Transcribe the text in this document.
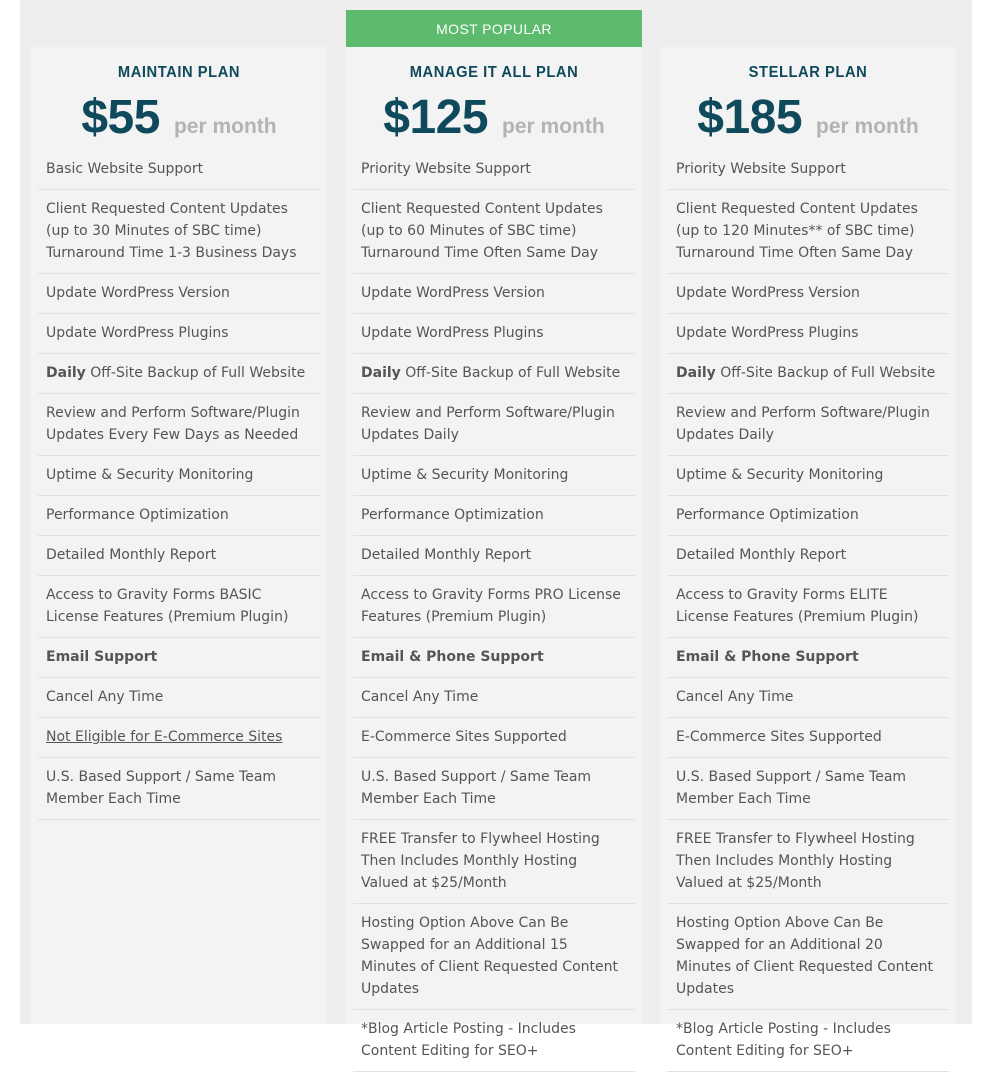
MOST POPULAR
MAINTAIN PLAN
$55 per month
Basic Website Support
Client Requested Content Updates (up to 30 Minutes of SBC time) Turnaround Time 1-3 Business Days
Update WordPress Version
Update WordPress Plugins
Daily Off-Site Backup of Full Website
Review and Perform Software/Plugin Updates Every Few Days as Needed
Uptime & Security Monitoring
Performance Optimization
Detailed Monthly Report
Access to Gravity Forms BASIC License Features (Premium Plugin)
Email Support
Cancel Any Time
Not Eligible for E-Commerce Sites
U.S. Based Support / Same Team Member Each Time
MANAGE IT ALL PLAN
$125 per month
Priority Website Support
Client Requested Content Updates (up to 60 Minutes of SBC time) Turnaround Time Often Same Day
Update WordPress Version
Update WordPress Plugins
Daily Off-Site Backup of Full Website
Review and Perform Software/Plugin Updates Daily
Uptime & Security Monitoring
Performance Optimization
Detailed Monthly Report
Access to Gravity Forms PRO License Features (Premium Plugin)
Email & Phone Support
Cancel Any Time
E-Commerce Sites Supported
U.S. Based Support / Same Team Member Each Time
FREE Transfer to Flywheel Hosting Then Includes Monthly Hosting Valued at $25/Month
Hosting Option Above Can Be Swapped for an Additional 15 Minutes of Client Requested Content Updates
*Blog Article Posting - Includes Content Editing for SEO+
STELLAR PLAN
$185 per month
Priority Website Support
Client Requested Content Updates (up to 120 Minutes** of SBC time) Turnaround Time Often Same Day
Update WordPress Version
Update WordPress Plugins
Daily Off-Site Backup of Full Website
Review and Perform Software/Plugin Updates Daily
Uptime & Security Monitoring
Performance Optimization
Detailed Monthly Report
Access to Gravity Forms ELITE License Features (Premium Plugin)
Email & Phone Support
Cancel Any Time
E-Commerce Sites Supported
U.S. Based Support / Same Team Member Each Time
FREE Transfer to Flywheel Hosting Then Includes Monthly Hosting Valued at $25/Month
Hosting Option Above Can Be Swapped for an Additional 20 Minutes of Client Requested Content Updates
*Blog Article Posting - Includes Content Editing for SEO+
